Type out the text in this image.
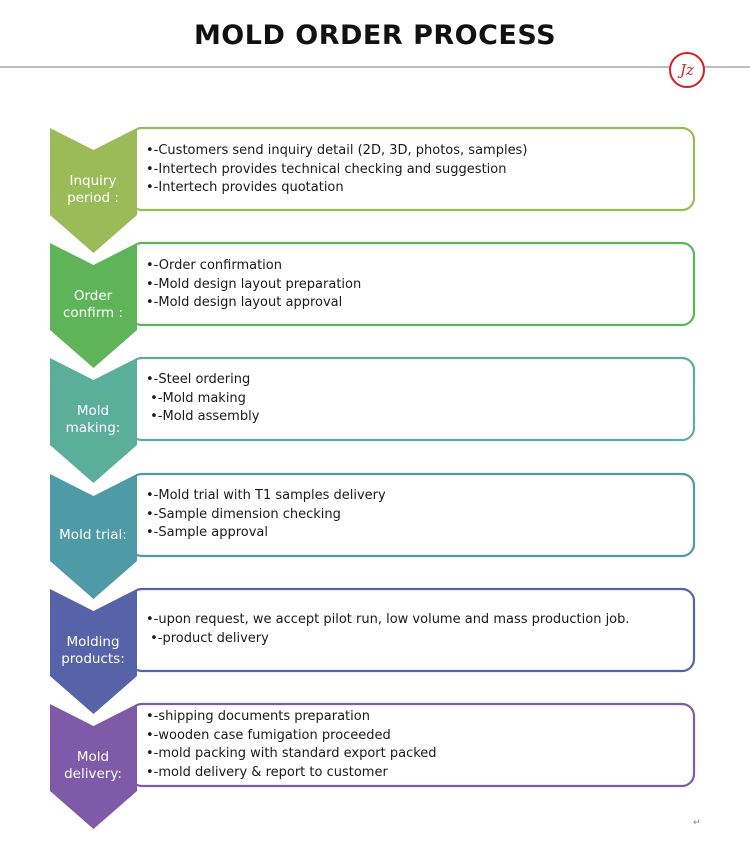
MOLD ORDER PROCESS
Jz
Inquiry
period :
•-Customers send inquiry detail (2D, 3D, photos, samples)
•-Intertech provides technical checking and suggestion
•-Intertech provides quotation
Order
confirm :
•-Order confirmation
•-Mold design layout preparation
•-Mold design layout approval
Mold
making:
•-Steel ordering
•-Mold making
•-Mold assembly
Mold trial:
•-Mold trial with T1 samples delivery
•-Sample dimension checking
•-Sample approval
Molding
products:
•-upon request, we accept pilot run, low volume and mass production job.
•-product delivery
Mold
delivery:
•-shipping documents preparation
•-wooden case fumigation proceeded
•-mold packing with standard export packed
•-mold delivery & report to customer
↵
